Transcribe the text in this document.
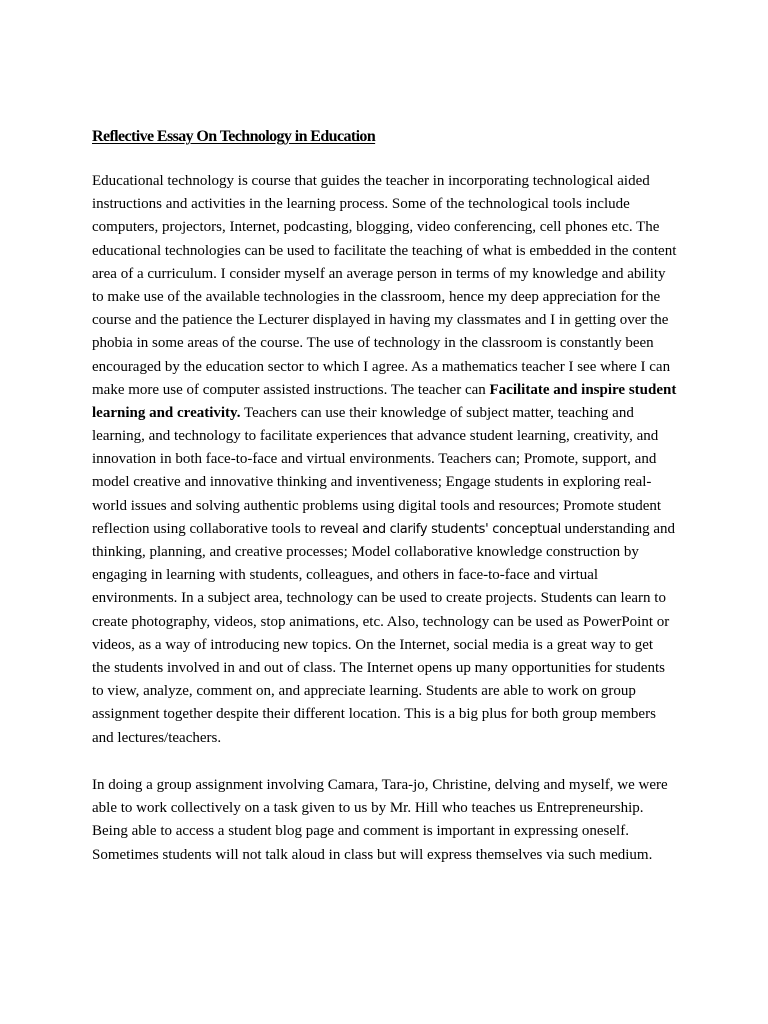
Reflective Essay On Technology in Education
Educational technology is course that guides the teacher in incorporating technological aided
instructions and activities in the learning process. Some of the technological tools include
computers, projectors, Internet, podcasting, blogging, video conferencing, cell phones etc. The
educational technologies can be used to facilitate the teaching of what is embedded in the content
area of a curriculum. I consider myself an average person in terms of my knowledge and ability
to make use of the available technologies in the classroom, hence my deep appreciation for the
course and the patience the Lecturer displayed in having my classmates and I in getting over the
phobia in some areas of the course. The use of technology in the classroom is constantly been
encouraged by the education sector to which I agree. As a mathematics teacher I see where I can
make more use of computer assisted instructions. The teacher can Facilitate and inspire student
learning and creativity. Teachers can use their knowledge of subject matter, teaching and
learning, and technology to facilitate experiences that advance student learning, creativity, and
innovation in both face-to-face and virtual environments. Teachers can; Promote, support, and
model creative and innovative thinking and inventiveness; Engage students in exploring real-
world issues and solving authentic problems using digital tools and resources; Promote student
reflection using collaborative tools to reveal and clarify students' conceptual understanding and
thinking, planning, and creative processes; Model collaborative knowledge construction by
engaging in learning with students, colleagues, and others in face-to-face and virtual
environments. In a subject area, technology can be used to create projects. Students can learn to
create photography, videos, stop animations, etc. Also, technology can be used as PowerPoint or
videos, as a way of introducing new topics. On the Internet, social media is a great way to get
the students involved in and out of class. The Internet opens up many opportunities for students
to view, analyze, comment on, and appreciate learning. Students are able to work on group
assignment together despite their different location. This is a big plus for both group members
and lectures/teachers.
In doing a group assignment involving Camara, Tara-jo, Christine, delving and myself, we were
able to work collectively on a task given to us by Mr. Hill who teaches us Entrepreneurship.
Being able to access a student blog page and comment is important in expressing oneself.
Sometimes students will not talk aloud in class but will express themselves via such medium.
